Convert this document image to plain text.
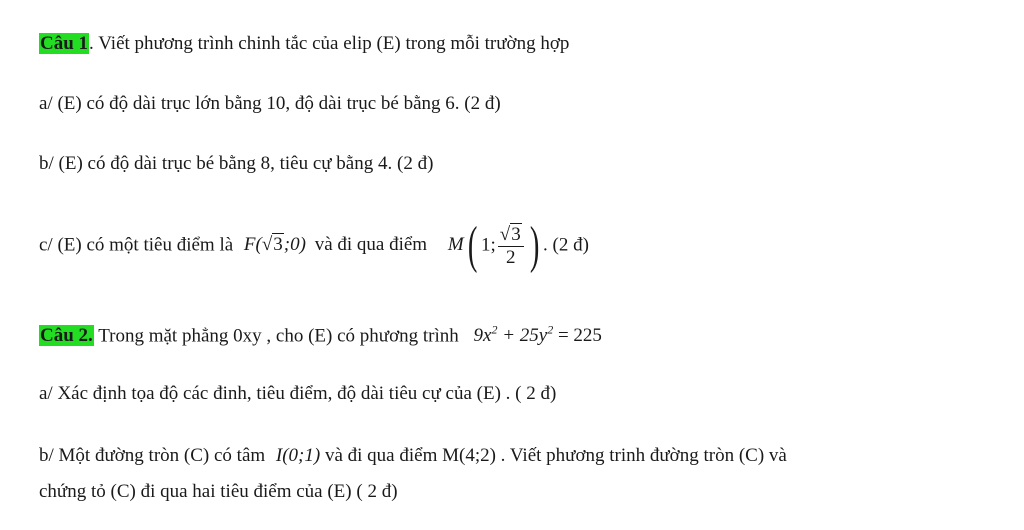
Câu 1. Viết phương trình chinh tắc của elip (E) trong mỗi trường hợp
a/ (E) có độ dài trục lớn bằng 10, độ dài trục bé bằng 6. (2 đ)
b/ (E) có độ dài trục bé bằng 8, tiêu cự bằng 4. (2 đ)
c/ (E) có một tiêu điểm là F(√3;0) và đi qua điểm M( 1; $\frac{√3}{2}$ ) . (2 đ)
Câu 2. Trong mặt phẳng 0xy , cho (E) có phương trình $9x^2 + 25y^2 = 225$
a/ Xác định tọa độ các đinh, tiêu điểm, độ dài tiêu cự của (E) . ( 2 đ)
b/ Một đường tròn (C) có tâm I(0;1) và đi qua điểm M(4;2) . Viết phương trinh đường tròn (C) và
chứng tỏ (C) đi qua hai tiêu điểm của (E) ( 2 đ)
